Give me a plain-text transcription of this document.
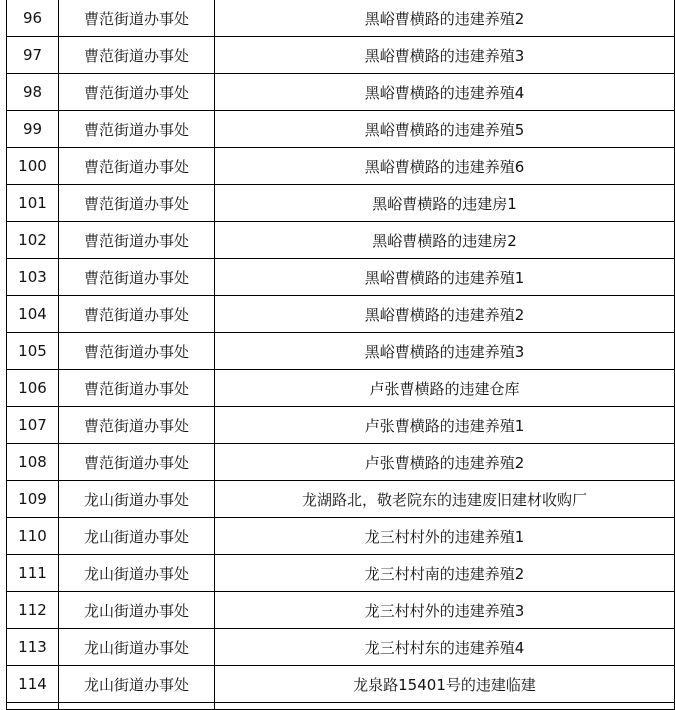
96	曹范街道办事处	黑峪曹横路的违建养殖2
97	曹范街道办事处	黑峪曹横路的违建养殖3
98	曹范街道办事处	黑峪曹横路的违建养殖4
99	曹范街道办事处	黑峪曹横路的违建养殖5
100	曹范街道办事处	黑峪曹横路的违建养殖6
101	曹范街道办事处	黑峪曹横路的违建房1
102	曹范街道办事处	黑峪曹横路的违建房2
103	曹范街道办事处	黑峪曹横路的违建养殖1
104	曹范街道办事处	黑峪曹横路的违建养殖2
105	曹范街道办事处	黑峪曹横路的违建养殖3
106	曹范街道办事处	卢张曹横路的违建仓库
107	曹范街道办事处	卢张曹横路的违建养殖1
108	曹范街道办事处	卢张曹横路的违建养殖2
109	龙山街道办事处	龙湖路北，敬老院东的违建废旧建材收购厂
110	龙山街道办事处	龙三村村外的违建养殖1
111	龙山街道办事处	龙三村村南的违建养殖2
112	龙山街道办事处	龙三村村外的违建养殖3
113	龙山街道办事处	龙三村村东的违建养殖4
114	龙山街道办事处	龙泉路15401号的违建临建
